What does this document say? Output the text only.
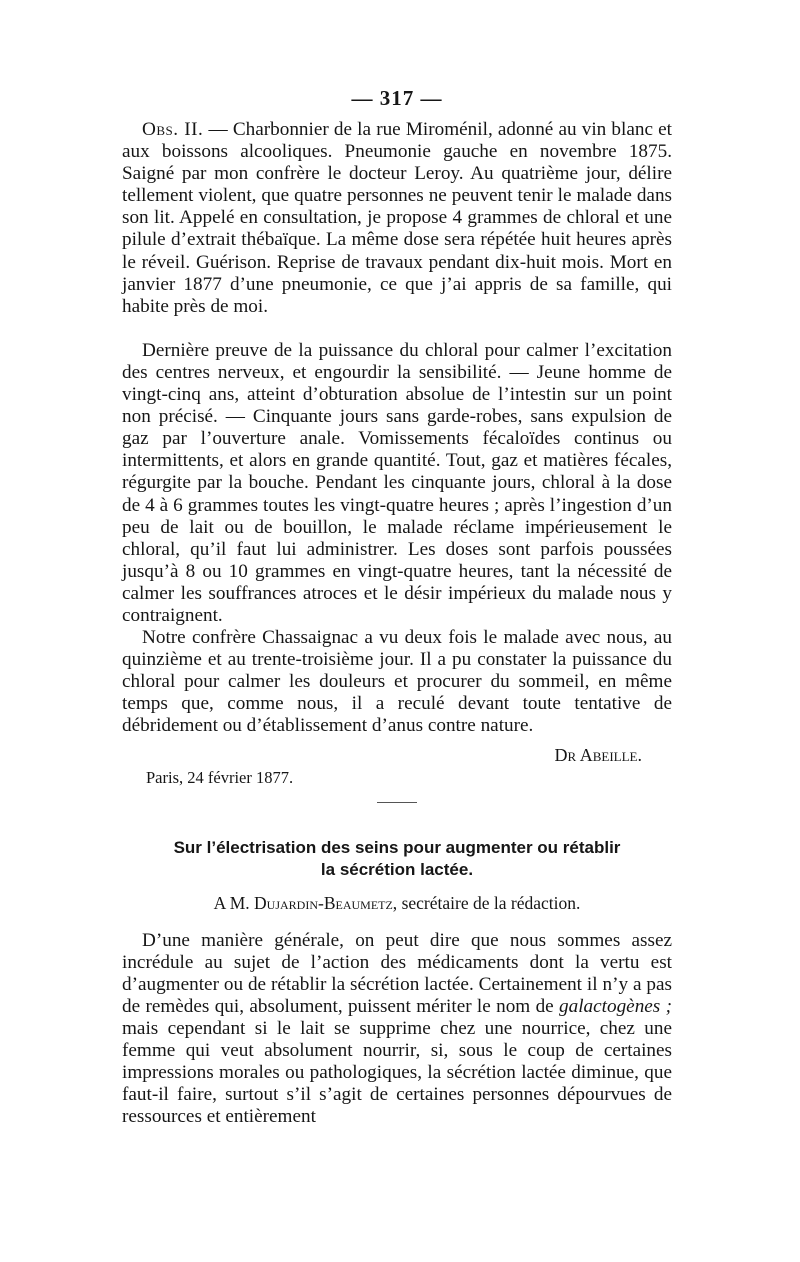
— 317 —

Obs. II. — Charbonnier de la rue Miroménil, adonné au vin blanc et aux boissons alcooliques. Pneumonie gauche en novembre 1875. Saigné par mon confrère le docteur Leroy. Au quatrième jour, délire tellement violent, que quatre personnes ne peuvent tenir le malade dans son lit. Appelé en consultation, je propose 4 grammes de chloral et une pilule d’extrait thébaïque. La même dose sera répétée huit heures après le réveil. Guérison. Reprise de travaux pendant dix-huit mois. Mort en janvier 1877 d’une pneumonie, ce que j’ai appris de sa famille, qui habite près de moi.

Dernière preuve de la puissance du chloral pour calmer l’excitation des centres nerveux, et engourdir la sensibilité. — Jeune homme de vingt-cinq ans, atteint d’obturation absolue de l’intestin sur un point non précisé. — Cinquante jours sans garde-robes, sans expulsion de gaz par l’ouverture anale. Vomissements fécaloïdes continus ou intermittents, et alors en grande quantité. Tout, gaz et matières fécales, régurgite par la bouche. Pendant les cinquante jours, chloral à la dose de 4 à 6 grammes toutes les vingt-quatre heures ; après l’ingestion d’un peu de lait ou de bouillon, le malade réclame impérieusement le chloral, qu’il faut lui administrer. Les doses sont parfois poussées jusqu’à 8 ou 10 grammes en vingt-quatre heures, tant la nécessité de calmer les souffrances atroces et le désir impérieux du malade nous y contraignent.

Notre confrère Chassaignac a vu deux fois le malade avec nous, au quinzième et au trente-troisième jour. Il a pu constater la puissance du chloral pour calmer les douleurs et procurer du sommeil, en même temps que, comme nous, il a reculé devant toute tentative de débridement ou d’établissement d’anus contre nature.

Dr Abeille.
Paris, 24 février 1877.
Sur l’électrisation des seins pour augmenter ou rétablir
la sécrétion lactée.
A M. Dujardin-Beaumetz, secrétaire de la rédaction.

D’une manière générale, on peut dire que nous sommes assez incrédule au sujet de l’action des médicaments dont la vertu est d’augmenter ou de rétablir la sécrétion lactée. Certainement il n’y a pas de remèdes qui, absolument, puissent mériter le nom de galactogènes ; mais cependant si le lait se supprime chez une nourrice, chez une femme qui veut absolument nourrir, si, sous le coup de certaines impressions morales ou pathologiques, la sécrétion lactée diminue, que faut-il faire, surtout s’il s’agit de certaines personnes dépourvues de ressources et entièrement
